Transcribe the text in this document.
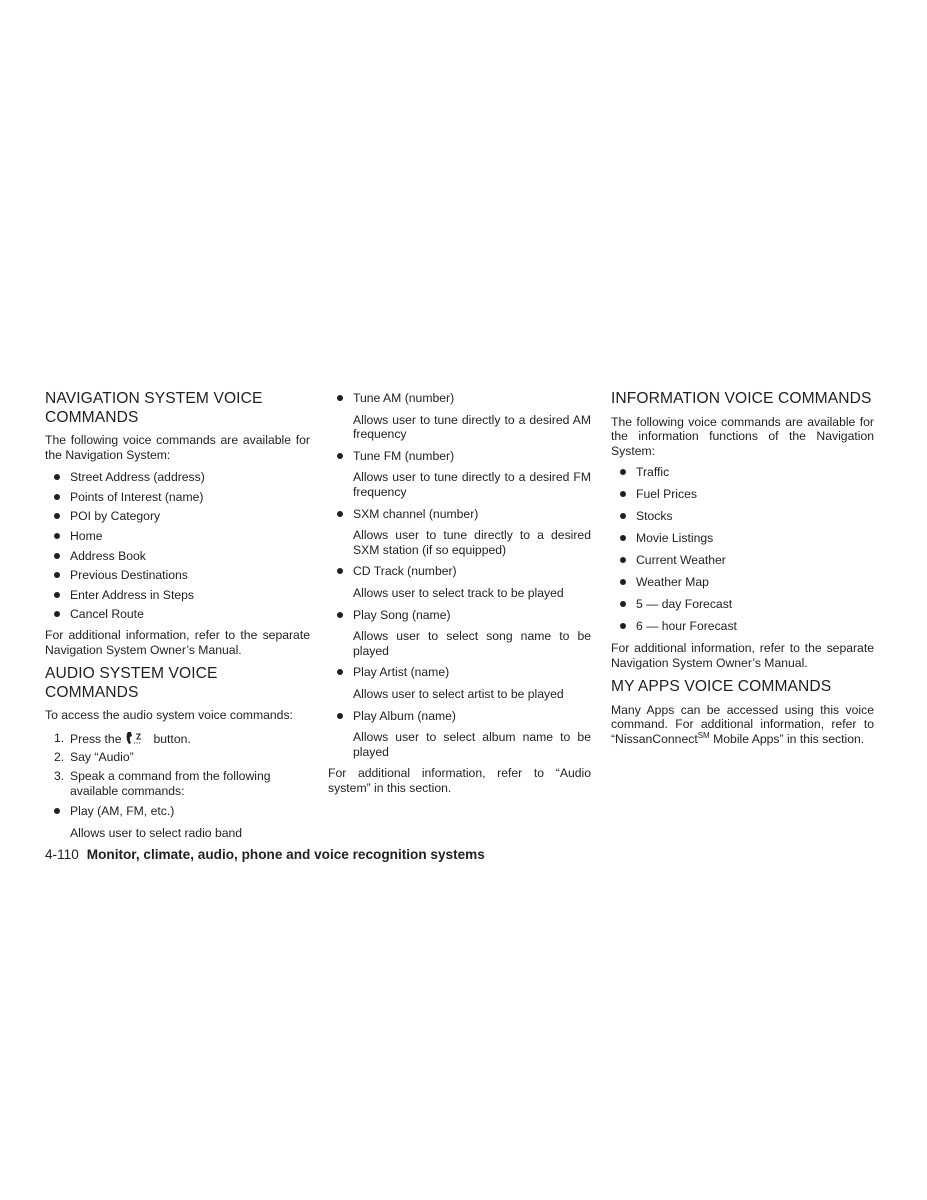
NAVIGATION SYSTEM VOICE COMMANDS

The following voice commands are available for the Navigation System:

Street Address (address)
Points of Interest (name)
POI by Category
Home
Address Book
Previous Destinations
Enter Address in Steps
Cancel Route

For additional information, refer to the separate Navigation System Owner’s Manual.

AUDIO SYSTEM VOICE COMMANDS

To access the audio system voice commands:

1. Press the	button.
2. Say “Audio”
3. Speak a command from the following available commands:
Play (AM, FM, etc.)
Allows user to select radio band
Tune AM (number)
Allows user to tune directly to a desired AM frequency
Tune FM (number)
Allows user to tune directly to a desired FM frequency
SXM channel (number)
Allows user to tune directly to a desired SXM station (if so equipped)
CD Track (number)
Allows user to select track to be played
Play Song (name)
Allows user to select song name to be played
Play Artist (name)
Allows user to select artist to be played
Play Album (name)
Allows user to select album name to be played

For additional information, refer to “Audio system” in this section.

INFORMATION VOICE COMMANDS

The following voice commands are available for the information functions of the Navigation System:

Traffic
Fuel Prices
Stocks
Movie Listings
Current Weather
Weather Map
5 — day Forecast
6 — hour Forecast

For additional information, refer to the separate Navigation System Owner’s Manual.

MY APPS VOICE COMMANDS

Many Apps can be accessed using this voice command. For additional information, refer to “NissanConnect℠ Mobile Apps” in this section.

4-110 Monitor, climate, audio, phone and voice recognition systems
